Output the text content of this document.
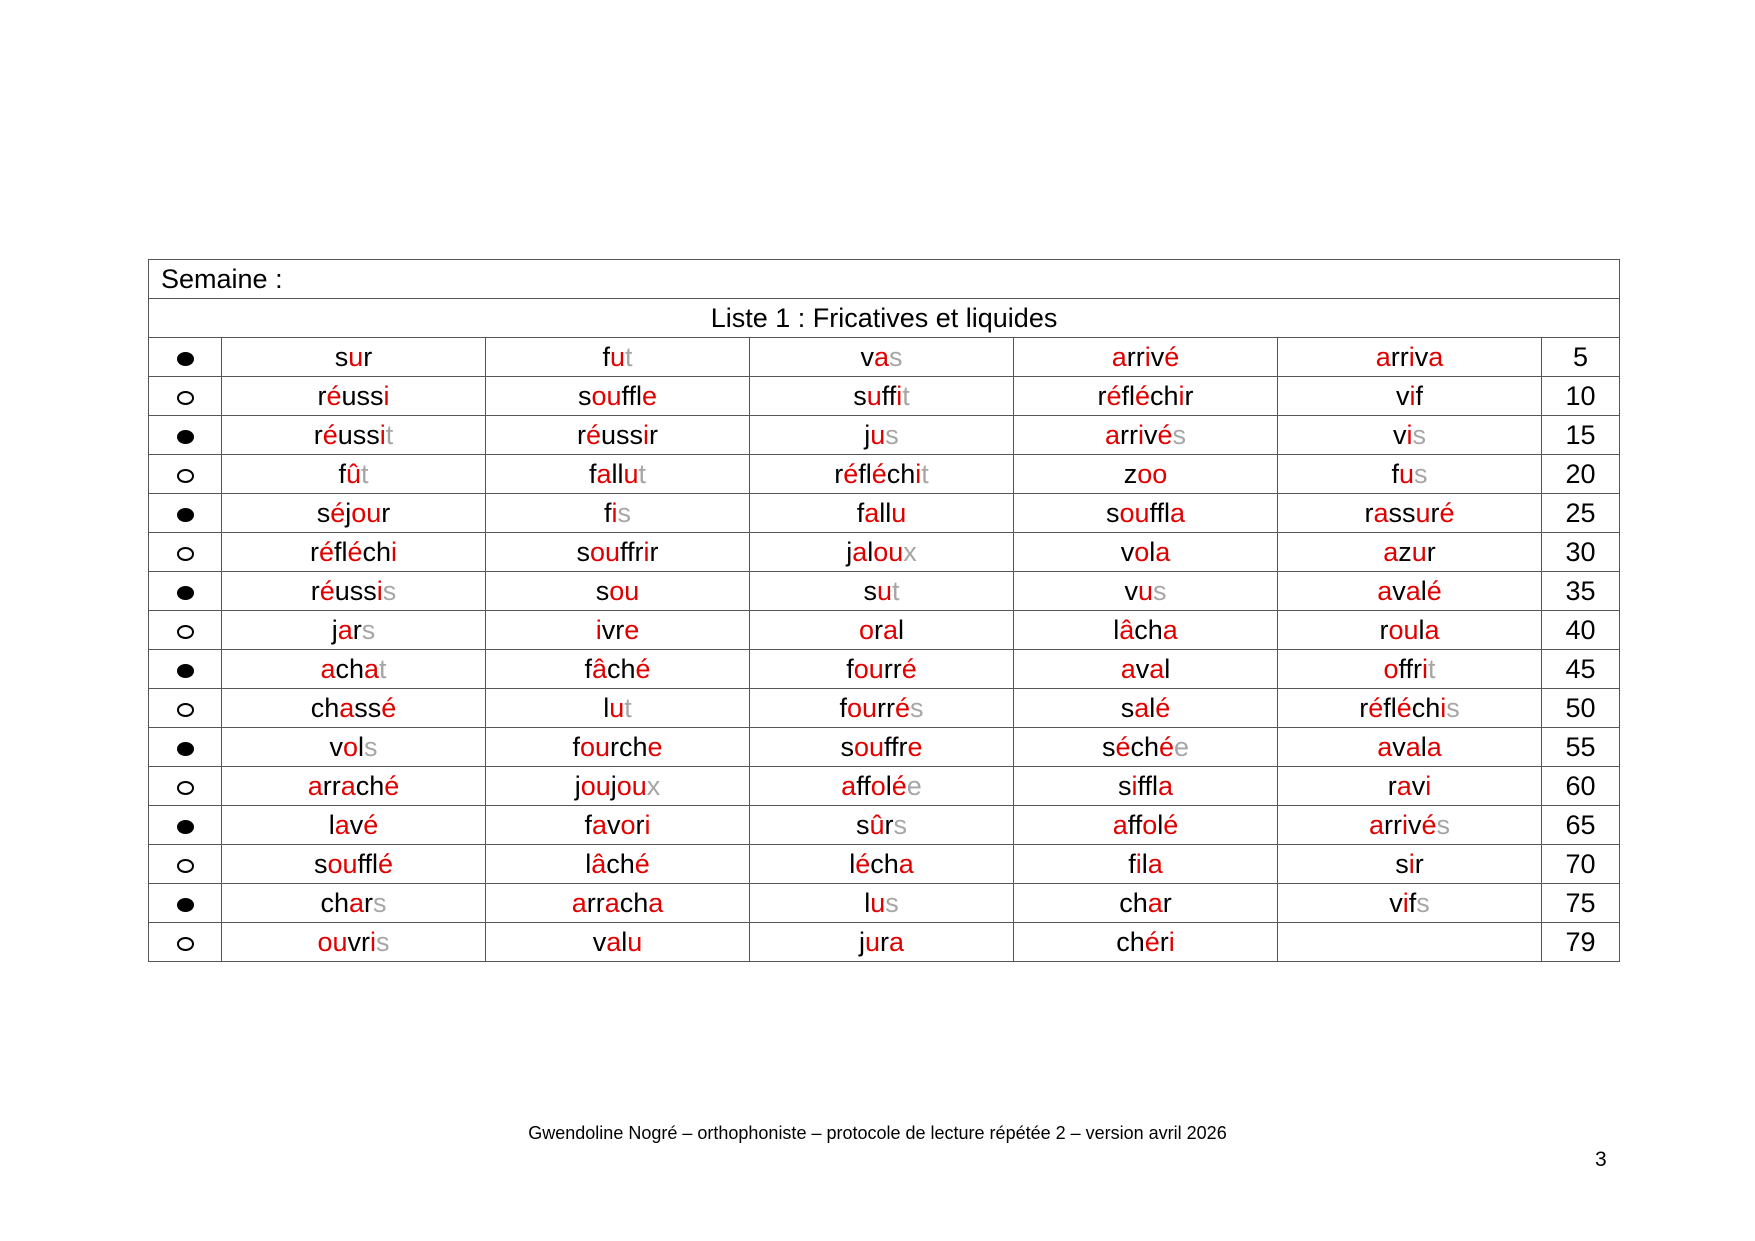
Semaine :						
Liste 1 : Fricatives et liquides						
	sur	fut	vas	arrivé	arriva	5
	réussi	souffle	suffit	réfléchir	vif	10
	réussit	réussir	jus	arrivés	vis	15
	fût	fallut	réfléchit	zoo	fus	20
	séjour	fis	fallu	souffla	rassuré	25
	réfléchi	souffrir	jaloux	vola	azur	30
	réussis	sou	sut	vus	avalé	35
	jars	ivre	oral	lâcha	roula	40
	achat	fâché	fourré	aval	offrit	45
	chassé	lut	fourrés	salé	réfléchis	50
	vols	fourche	souffre	séchée	avala	55
	arraché	joujoux	affolée	siffla	ravi	60
	lavé	favori	sûrs	affolé	arrivés	65
	soufflé	lâché	lécha	fila	sir	70
	chars	arracha	lus	char	vifs	75
	ouvris	valu	jura	chéri		79
Gwendoline Nogré – orthophoniste – protocole de lecture répétée 2 – version avril 2026
3
